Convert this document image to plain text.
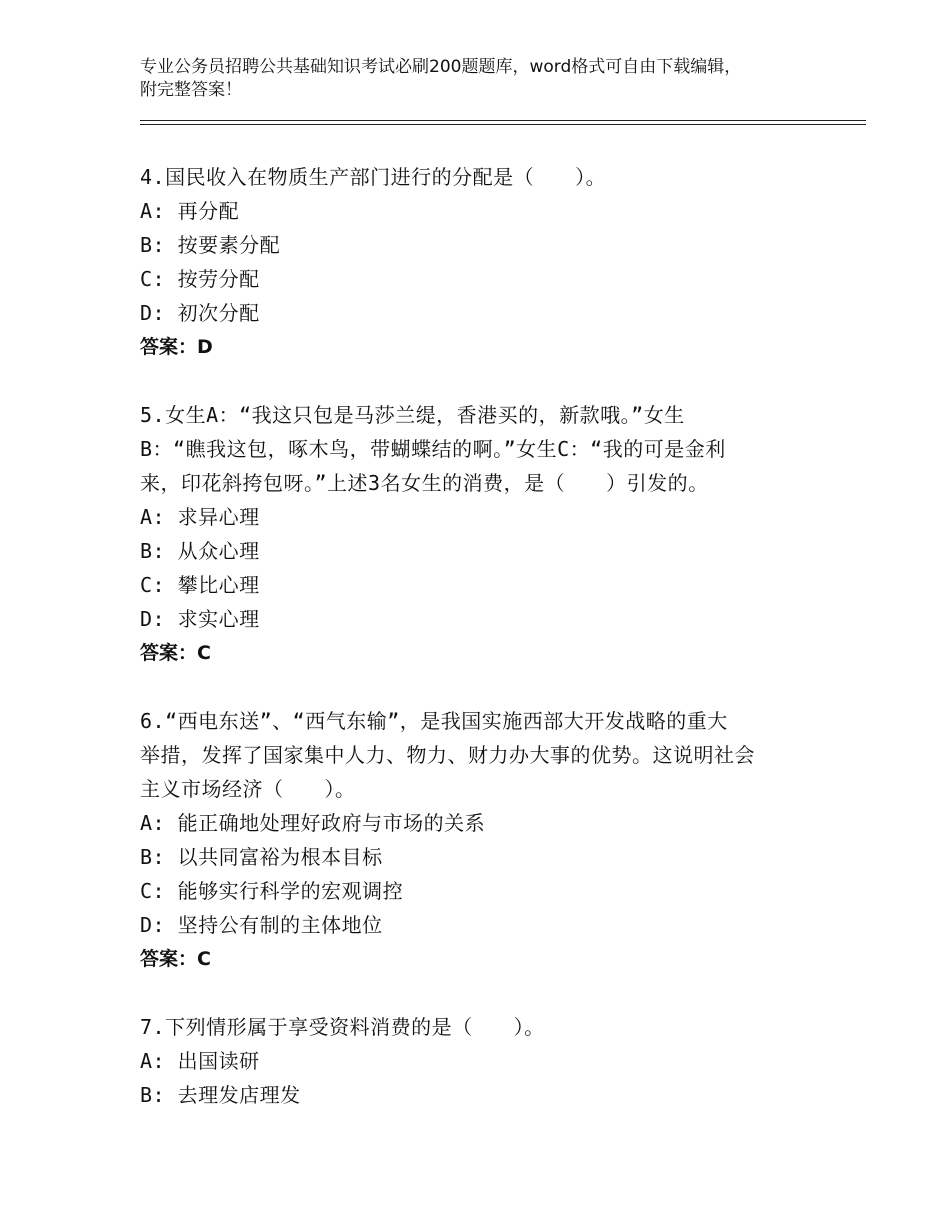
专业公务员招聘公共基础知识考试必刷200题题库，word格式可自由下载编辑，
附完整答案！
4.国民收入在物质生产部门进行的分配是（　　）。
A: 再分配
B: 按要素分配
C: 按劳分配
D: 初次分配
答案：D
5.女生A：“我这只包是马莎兰缇，香港买的，新款哦。”女生
B：“瞧我这包，啄木鸟，带蝴蝶结的啊。”女生C：“我的可是金利
来，印花斜挎包呀。”上述3名女生的消费，是（　　）引发的。
A: 求异心理
B: 从众心理
C: 攀比心理
D: 求实心理
答案：C
6.“西电东送”、“西气东输”，是我国实施西部大开发战略的重大
举措，发挥了国家集中人力、物力、财力办大事的优势。这说明社会
主义市场经济（　　）。
A: 能正确地处理好政府与市场的关系
B: 以共同富裕为根本目标
C: 能够实行科学的宏观调控
D: 坚持公有制的主体地位
答案：C
7.下列情形属于享受资料消费的是（　　）。
A: 出国读研
B: 去理发店理发
